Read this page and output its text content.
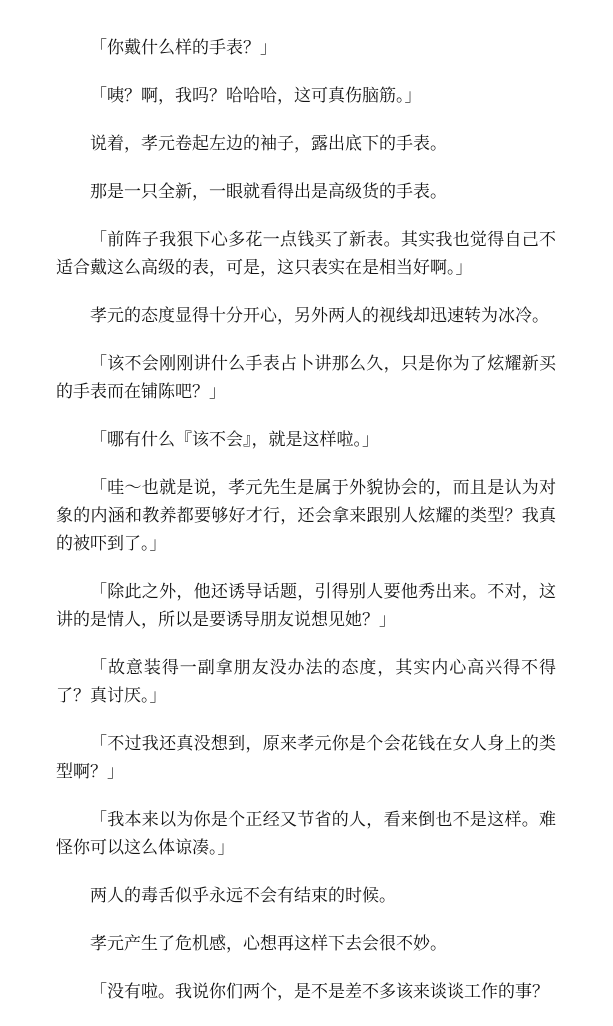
「你戴什么样的手表？」

「咦？啊，我吗？哈哈哈，这可真伤脑筋。」

说着，孝元卷起左边的袖子，露出底下的手表。

那是一只全新，一眼就看得出是高级货的手表。

「前阵子我狠下心多花一点钱买了新表。其实我也觉得自己不适合戴这么高级的表，可是，这只表实在是相当好啊。」

孝元的态度显得十分开心，另外两人的视线却迅速转为冰冷。

「该不会刚刚讲什么手表占卜讲那么久，只是你为了炫耀新买的手表而在铺陈吧？」

「哪有什么『该不会』，就是这样啦。」

「哇～也就是说，孝元先生是属于外貌协会的，而且是认为对象的内涵和教养都要够好才行，还会拿来跟别人炫耀的类型？我真的被吓到了。」

「除此之外，他还诱导话题，引得别人要他秀出来。不对，这讲的是情人，所以是要诱导朋友说想见她？」

「故意装得一副拿朋友没办法的态度，其实内心高兴得不得了？真讨厌。」

「不过我还真没想到，原来孝元你是个会花钱在女人身上的类型啊？」

「我本来以为你是个正经又节省的人，看来倒也不是这样。难怪你可以这么体谅凑。」

两人的毒舌似乎永远不会有结束的时候。

孝元产生了危机感，心想再这样下去会很不妙。

「没有啦。我说你们两个，是不是差不多该来谈谈工作的事？
